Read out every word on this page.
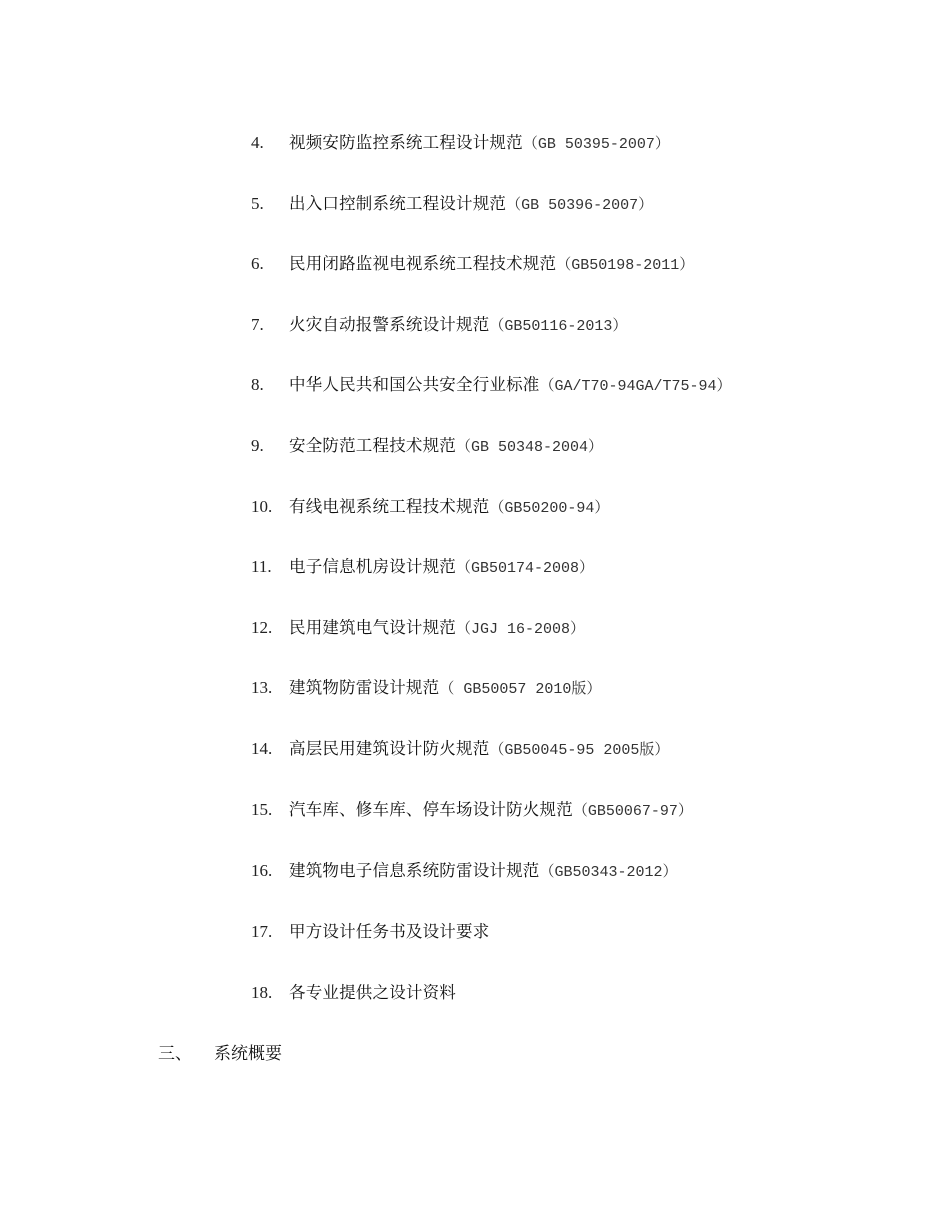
4. 视频安防监控系统工程设计规范（GB 50395-2007）
5. 出入口控制系统工程设计规范（GB 50396-2007）
6. 民用闭路监视电视系统工程技术规范（GB50198-2011）
7. 火灾自动报警系统设计规范（GB50116-2013）
8. 中华人民共和国公共安全行业标准（GA/T70-94GA/T75-94）
9. 安全防范工程技术规范（GB 50348-2004）
10. 有线电视系统工程技术规范（GB50200-94）
11. 电子信息机房设计规范（GB50174-2008）
12. 民用建筑电气设计规范（JGJ 16-2008）
13. 建筑物防雷设计规范（ GB50057 2010版）
14. 高层民用建筑设计防火规范（GB50045-95 2005版）
15. 汽车库、修车库、停车场设计防火规范（GB50067-97）
16. 建筑物电子信息系统防雷设计规范（GB50343-2012）
17. 甲方设计任务书及设计要求
18. 各专业提供之设计资料
三、 系统概要
